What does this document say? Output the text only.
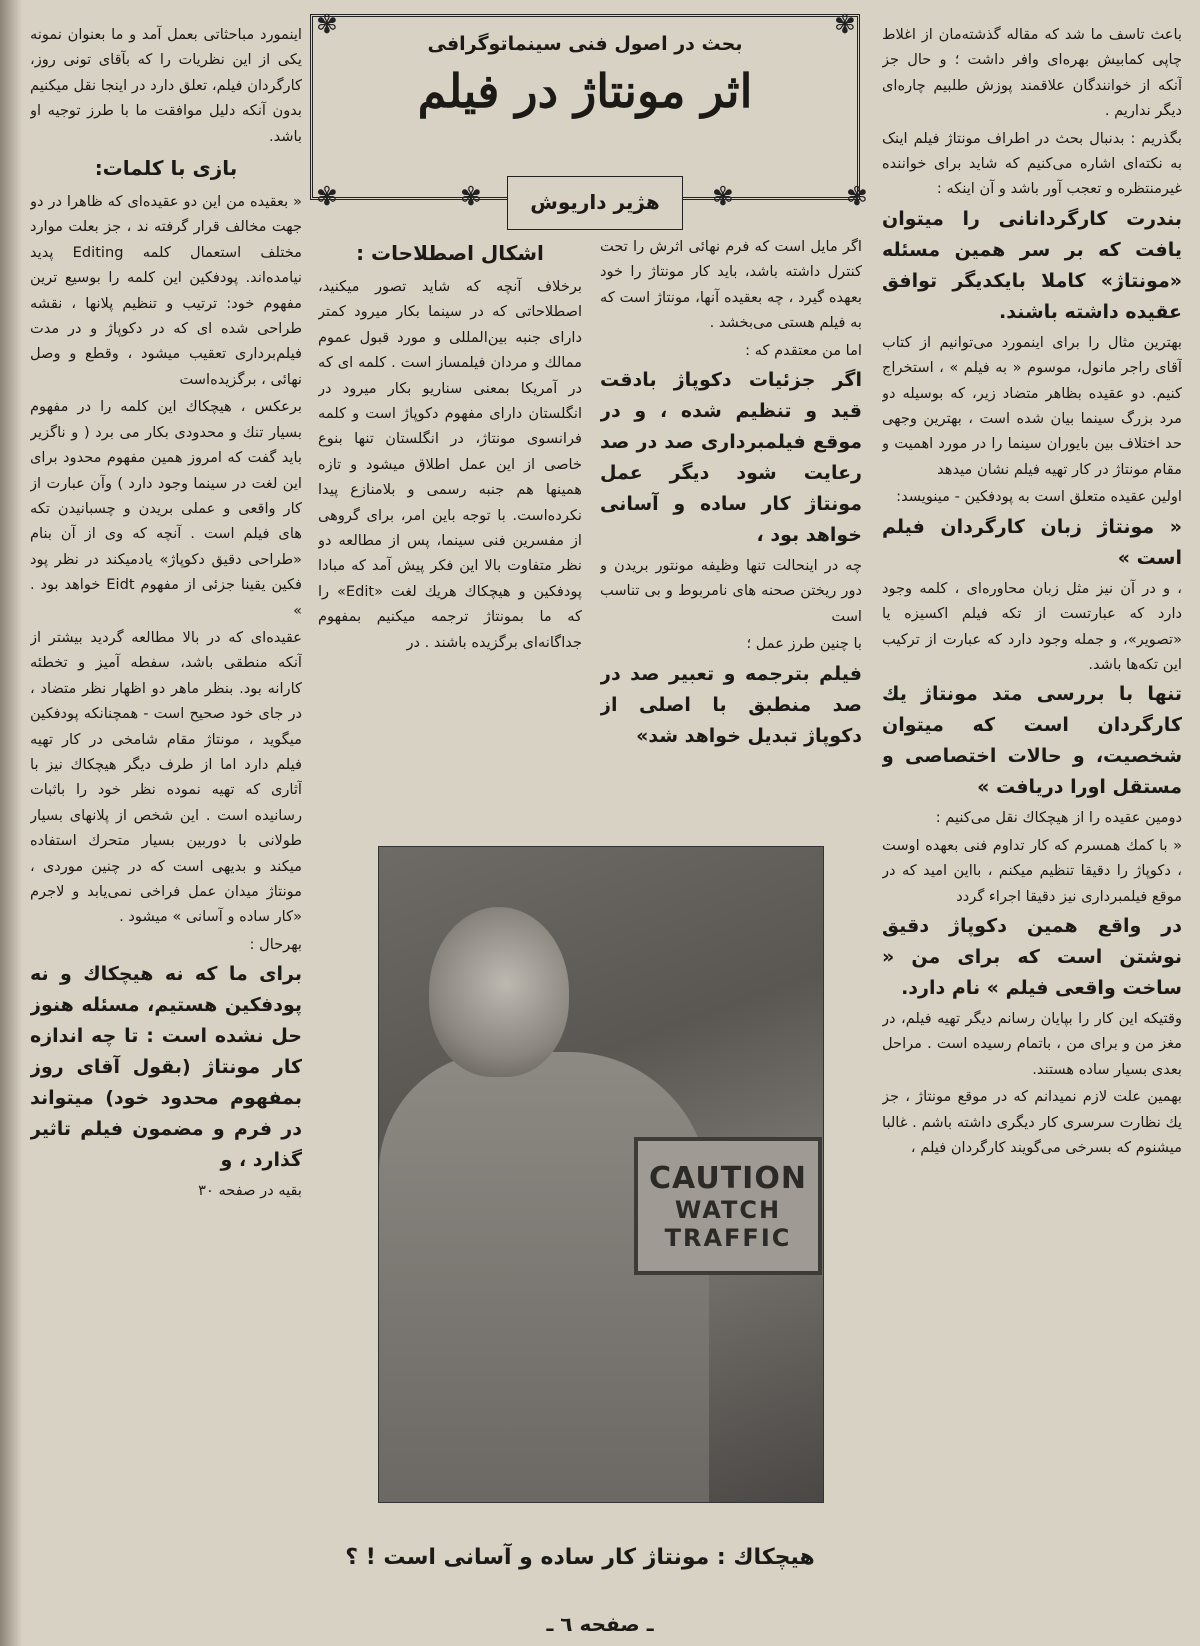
بحث در اصول فنی سینماتوگرافی
اثر مونتاژ در فیلم
✾	✾
✾	✾	✾	✾
هژیر داریوش

باعث تاسف ما شد که مقاله گذشته‌مان از اغلاط چاپی کمابیش بهره‌ای وافر داشت ؛ و حال جز آنکه از خوانندگان علاقمند پوزش طلبیم چاره‌ای دیگر نداریم .

بگذریم : بدنبال بحث در اطراف مونتاژ فیلم اینک به نکته‌ای اشاره می‌کنیم که شاید برای خواننده غیرمنتظره و تعجب آور باشد و آن اینکه :

بندرت کارگردانانی را میتوان یافت که بر سر همین مسئله «مونتاژ» کاملا بایکدیگر توافق عقیده داشته باشند.

بهترین مثال را برای اینمورد می‌توانیم از کتاب آقای راجر مانول، موسوم « به فیلم » ، استخراج کنیم. دو عقیده بظاهر متضاد زیر، که بوسیله دو مرد بزرگ سینما بیان شده است ، بهترین وجهی حد اختلاف بین بایوران سینما را در مورد اهمیت و مقام مونتاژ در کار تهیه فیلم نشان میدهد

اولین عقیده متعلق است به پودفکین - مینویسد:

« مونتاژ زبان کارگردان فیلم است »

، و در آن نیز مثل زبان محاوره‌ای ، کلمه وجود دارد که عبارتست از تکه فیلم اکسیزه یا «تصویر»، و جمله وجود دارد که عبارت از ترکیب این تکه‌ها باشد.

تنها با بررسی متد مونتاژ یك کارگردان است که میتوان شخصیت، و حالات اختصاصی و مستقل اورا دریافت »

دومین عقیده را از هیچکاك نقل می‌کنیم :

« با کمك همسرم که کار تداوم فنی بعهده اوست ، دکوپاژ را دقیقا تنظیم میکنم ، بااین امید که در موقع فیلمبرداری نیز دقیقا اجراء گردد

در واقع همین دکوپاژ دقیق نوشتن است که برای من « ساخت واقعی فیلم » نام دارد.

وقتیکه این کار را بپایان رسانم دیگر تهیه فیلم، در مغز من و برای من ، باتمام رسیده است . مراحل بعدی بسیار ساده هستند.

بهمین علت لازم نمیدانم که در موقع مونتاژ ، جز یك نظارت سرسری کار دیگری داشته باشم . غالبا میشنوم که بسرخی می‌گویند کارگردان فیلم ،

اگر مایل است که فرم نهائی اثرش را تحت کنترل داشته باشد، باید کار مونتاژ را خود بعهده گیرد ، چه بعقیده آنها، مونتاژ است که به فیلم هستی می‌بخشد .

اما من معتقدم که :

اگر جزئیات دکوپاژ بادقت قید و تنظیم شده ، و در موقع فیلمبرداری صد در صد رعایت شود دیگر عمل مونتاژ کار ساده و آسانی خواهد بود ،

چه در اینحالت تنها وظیفه مونتور بریدن و دور ریختن صحنه های نامربوط و بی تناسب است

با چنین طرز عمل ؛

فیلم بترجمه و تعبیر صد در صد منطبق با اصلی از دکوپاژ تبدیل خواهد شد»

اشکال اصطلاحات :

برخلاف آنچه که شاید تصور میکنید، اصطلاحاتی که در سینما بکار میرود کمتر دارای جنبه بین‌المللی و مورد قبول عموم ممالك و مردان فیلمساز است . کلمه ای که در آمریکا بمعنی سناریو بکار میرود در انگلستان دارای مفهوم دکوپاژ است و کلمه فرانسوی مونتاژ، در انگلستان تنها بنوع خاصی از این عمل اطلاق میشود و تازه همینها هم جنبه رسمی و بلامنازع پیدا نکرده‌است. با توجه باین امر، برای گروهی از مفسرین فنی سینما، پس از مطالعه دو نظر متفاوت بالا این فکر پیش آمد که مبادا پودفکین و هیچکاك هریك لغت «Edit» را که ما بمونتاژ ترجمه میکنیم بمفهوم جداگانه‌ای برگزیده باشند . در

اینمورد مباحثاتی بعمل آمد و ما بعنوان نمونه یکی از این نظریات را که بآقای تونی روز، کارگردان فیلم، تعلق دارد در اینجا نقل میکنیم بدون آنکه دلیل موافقت ما با طرز توجیه او باشد.

بازی با کلمات:

« بعقیده من این دو عقیده‌ای که ظاهرا در دو جهت مخالف قرار گرفته ند ، جز بعلت موارد مختلف استعمال کلمه Editing پدید نیامده‌اند. پودفکین این کلمه را بوسیع ترین مفهوم خود: ترتیب و تنظیم پلانها ، نقشه طراحی شده ای که در دکوپاژ و در مدت فیلم‌برداری تعقیب میشود ، وقطع و وصل نهائی ، برگزیده‌است

برعکس ، هیچکاك این کلمه را در مفهوم بسیار تنك و محدودی بکار می برد ( و ناگزیر باید گفت که امروز همین مفهوم محدود برای این لغت در سینما وجود دارد ) وآن عبارت از کار واقعی و عملی بریدن و چسبانیدن تکه های فیلم است . آنچه که وی از آن بنام «طراحی دقیق دکوپاژ» یادمیکند در نظر پود فکین یقینا جزئی از مفهوم Eidt خواهد بود . »

عقیده‌ای که در بالا مطالعه گردید بیشتر از آنکه منطقی باشد، سفطه آمیز و تخطئه کارانه بود. بنظر ماهر دو اظهار نظر متضاد ، در جای خود صحیح است - همچنانکه پودفکین میگوید ، مونتاژ مقام شامخی در کار تهیه فیلم دارد اما از طرف دیگر هیچکاك نیز با آثاری که تهیه نموده نظر خود را باثبات رسانیده است . این شخص از پلانهای بسیار طولانی با دوربین بسیار متحرك استفاده میکند و بدیهی است که در چنین موردی ، مونتاژ میدان عمل فراخی نمی‌یابد و لاجرم «کار ساده و آسانی » میشود .

بهرحال :

برای ما که نه هیچکاك و نه پودفکین هستیم، مسئله هنوز حل نشده است : تا چه اندازه کار مونتاژ (بقول آقای روز بمفهوم محدود خود) میتواند در فرم و مضمون فیلم تاثیر گذارد ، و

بقیه در صفحه ۳۰	CAUTION
WATCH
TRAFFIC
هیچکاك : مونتاژ کار ساده و آسانی است ! ؟
ـ صفحه ٦ ـ
